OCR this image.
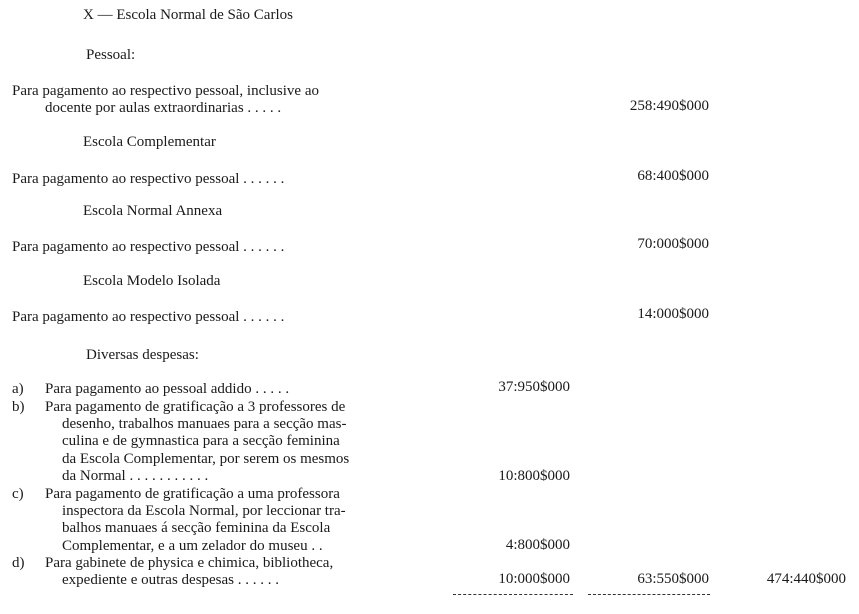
X — Escola Normal de São Carlos
Pessoal:
Para pagamento ao respectivo pessoal, inclusive ao
docente por aulas extraordinarias . . . . .	258:490$000
Escola Complementar
Para pagamento ao respectivo pessoal . . . . . .	68:400$000
Escola Normal Annexa
Para pagamento ao respectivo pessoal . . . . . .	70:000$000
Escola Modelo Isolada
Para pagamento ao respectivo pessoal . . . . . .	14:000$000
Diversas despesas:
a) Para pagamento ao pessoal addido . . . . .	37:950$000
b) Para pagamento de gratificação a 3 professores de
desenho, trabalhos manuaes para a secção mas-
culina e de gymnastica para a secção feminina
da Escola Complementar, por serem os mesmos
da Normal . . . . . . . . . . .	10:800$000
c) Para pagamento de gratificação a uma professora
inspectora da Escola Normal, por leccionar tra-
balhos manuaes á secção feminina da Escola
Complementar, e a um zelador do museu . .	4:800$000
d) Para gabinete de physica e chimica, bibliotheca,
expediente e outras despesas . . . . . .	10:000$000	63:550$000	474:440$000
